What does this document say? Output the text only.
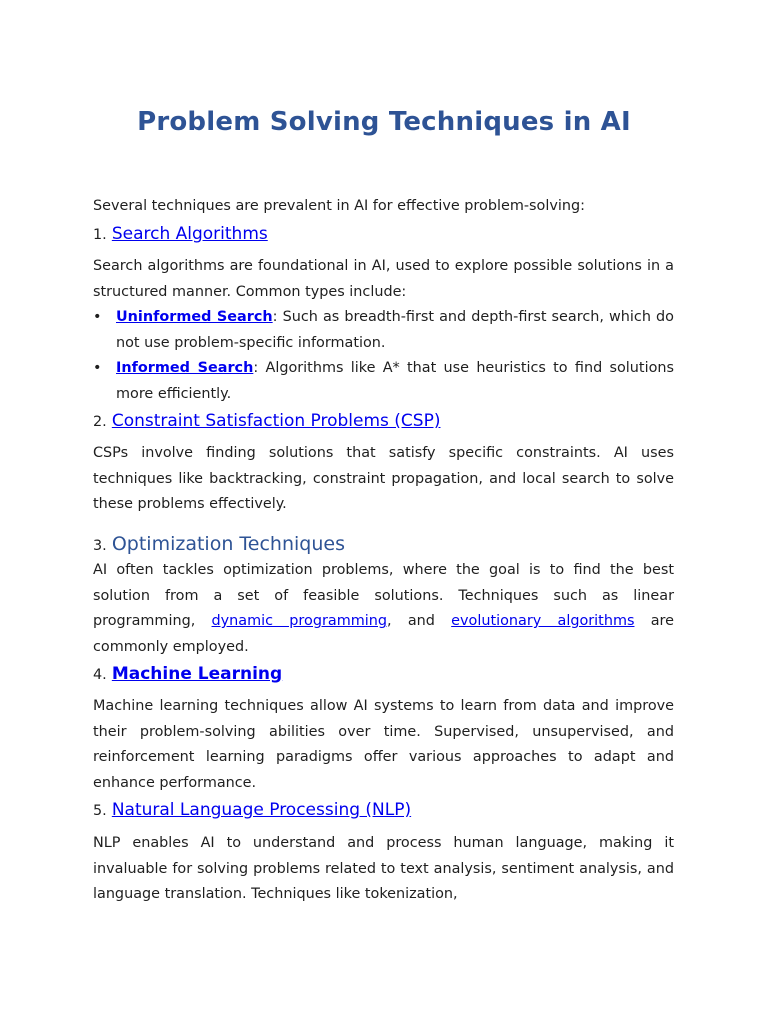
Problem Solving Techniques in AI

Several techniques are prevalent in AI for effective problem-solving:

1. Search Algorithms

Search algorithms are foundational in AI, used to explore possible solutions in a structured manner. Common types include:

• Uninformed Search: Such as breadth-first and depth-first search, which do not use problem-specific information.
• Informed Search: Algorithms like A* that use heuristics to find solutions more efficiently.
2. Constraint Satisfaction Problems (CSP)

CSPs involve finding solutions that satisfy specific constraints. AI uses techniques like backtracking, constraint propagation, and local search to solve these problems effectively.

3. Optimization Techniques

AI often tackles optimization problems, where the goal is to find the best solution from a set of feasible solutions. Techniques such as linear programming, dynamic programming, and evolutionary algorithms are commonly employed.

4. Machine Learning

Machine learning techniques allow AI systems to learn from data and improve their problem-solving abilities over time. Supervised, unsupervised, and reinforcement learning paradigms offer various approaches to adapt and enhance performance.

5. Natural Language Processing (NLP)

NLP enables AI to understand and process human language, making it invaluable for solving problems related to text analysis, sentiment analysis, and language translation. Techniques like tokenization,
